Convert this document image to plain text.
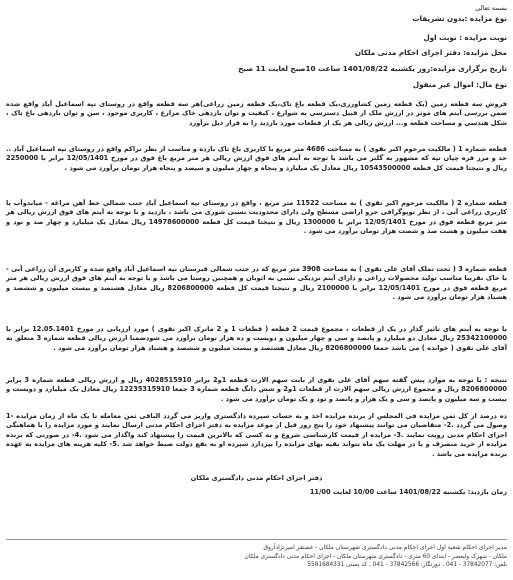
بسمه تعالی
نوع مزایده :بدون تشریفات
نوبت مزایده : نوبت اول
محل مزایده: دفتر اجرای احکام مدنی ملکان
تاریخ برگزاری مزایده:روز یکشنبه 1401/08/22 ساعت 10صبح لغایت 11 صبح
نوع مال: اموال غیر منقول
فروش سه قطعه زمین (یک قطعه زمین کشاورزی،یک قطعه باغ تاک،یک قطعه زمین زراعی)هر سه قطعه واقع در روستای تپه اسماعیل آباد واقع شده ضمن بررسی آیتم های موثر در ارزش ملک از قبیل دسترسی به شوارع ، کیفیت و توان بازدهی خاک مزارع ، کاربری موجود ، سن و توان باردهی باغ تاک ، شکل هندسی و مساحت قطعه و... ارزش ریالی هر یک از قطعات مورد بازدید را به قرار ذیل برآورد
قطعه شماره 1 ( مالکیت مرحوم اکبر نقوی ) به مساحت 4686 متر مربع با کاربری باغ تاک بارده و مناسب از نظر تراکم واقع در روستای تپه اسماعیل آباد .. حد و مرز قره چپان تپه که مشهور به گلتر می باشد با توجه به آیتم های فوق ارزش ریالی هر متر مربع باغ فوق در مورخ 12/05/1401 برابر با 2250000 ریال و نتیجتا قیمت کل قطعه 10543500000 ریال معادل یک میلیارد و پنجاه و چهار میلیون و سیصد و پنجاه هزار تومان برآورد می شود .
قطعه شماره 2 ( مالکیت مرحوم اکبر نقوی ) به مساحت 11522 متر مربع ، واقع در روستای تپه اسماعیل آباد جنب شمالی خط آهن مراغه - میاندوآب با کاربری زراعی آبی ، از نظر توپوگرافی جزو اراضی مسطح ولی دارای محدودیت نسبی شوری می باشد ، بازدید و با توجه به آیتم های فوق ارزش ریالی هر متر مربع قطعه فوق در مورخ 12/05/1401 برابر با 1300000 ریال و نتیجتا قیمت کل قطعه 14978600000 ریال معادل یک میلیارد و چهار صد و نود و هفت میلیون و هشت صد و شصت هزار تومان برآورد می شود .
قطعه شماره 3 ( تحت تملک آقای علی نقوی ) به مساحت 3908 متر مربع که در جنب شمالی قبرستان تپه اسماعیل آباد واقع شده و کاربری آن زراعی آبی - با خاک تقریبا مناسب تولید محصولات زراعی و دارای آیتم نزدیکی نسبی به اتوبان و همچنین روستا می باشد و با توجه به آیتم های فوق ارزش ریالی هر متر مربع قطعه فوق در مورخ 12/05/1401 برابر با 2100000 ریال و نتیجتا قیمت کل قطعه 8206800000 ریال معادل هشتصد و بیست میلیون و ششصد و هشتاد هزار تومان برآورد می شود .
با توجه به آیتم های تاثیر گذار در یک از قطعات ، مجموع قیمت 2 قطعه ( قطعات 1 و 2 ماترک اکبر نقوی ) مورد ارزیابی در مورخ 12.05.1401 برابر با 25342100000 ریال معادل دو میلیارد و پانصد و سی و چهار میلیون و دویست و ده هزار تومان برآورد می شودضمنا ارزش ریالی قطعه شماره 3 متعلق به آقای علی نقوی ( خوانده ) می باشد جمعا 8206800000 ریال معادل هشتصد و بیست میلیون و ششصد و هشتاد هزار تومان برآورد می شود .
نتیجه : با توجه به موارد پیش گفته سهم آقای علی نقوی از بابت سهم الارث قطعه 1و2 برابر 4028515910 ریال و ارزش ریالی قطعه شماره 3 برابر 8206800000 ریال و مجموع ارزش ریالی سهم الارث از قطعات 1و2 و شش دانگ قطعه شماره 3 جمعا 12235315910 ریال معادل یک میلیارد و دویست و بیست و سه میلیون و پانصد و سی و یک هزار و پانصد و نود و یک تومان برآورد می شود .
ده درصد از کل ثمن مزایده فی المجلس از برنده مزایده اخذ و به حساب سپرده دادگستری واریز می گردد الباقی ثمن معامله تا یک ماه از زمان مزایده -1 وصول می گردد .2- متقاضیان می توانند پیشنهاد خود را پنج روز قبل از موعد مزایده به دفتر اجرای احکام مدنی ارسال نمایند و مورد مزایده را با هماهنگی اجرای احکام مدنی رویت نمایند .3- مزایده از قیمت کارشناسی شروع و به کسی که بالاترین قیمت را پیشنهاد کند واگذار می شود .4- در صورتی که برنده مزایده از خرید منصرف و یا در مهلت یک ماه نتواند بقیه بهای مزایده را بپردازد سپرده او به نفع دولت ضبط خواهد شد .5- کلیه هزینه های مزایده به عهده برنده مزایده می باشد .
دفتر اجرای احکام مدنی دادگستری ملکان
زمان بازدید: یکشنبه 1401/08/22 ساعت 10/00 لغایت 11/00
مدیر اجرای احکام شعبه اول اجرای احکام مدنی دادگستری شهرستان ملکان - غضنفر امیرنژادآروق
ملکان - شهرک ولیعصر - ابتدای 60 متری - دادگستری شهرستان ملکان - اجرای احکام مدنی دادگستری ملکان
تلفن: 37842077 - 041 ، دورنگار: 37842566 - 041 ، کد پستی 5581684331
